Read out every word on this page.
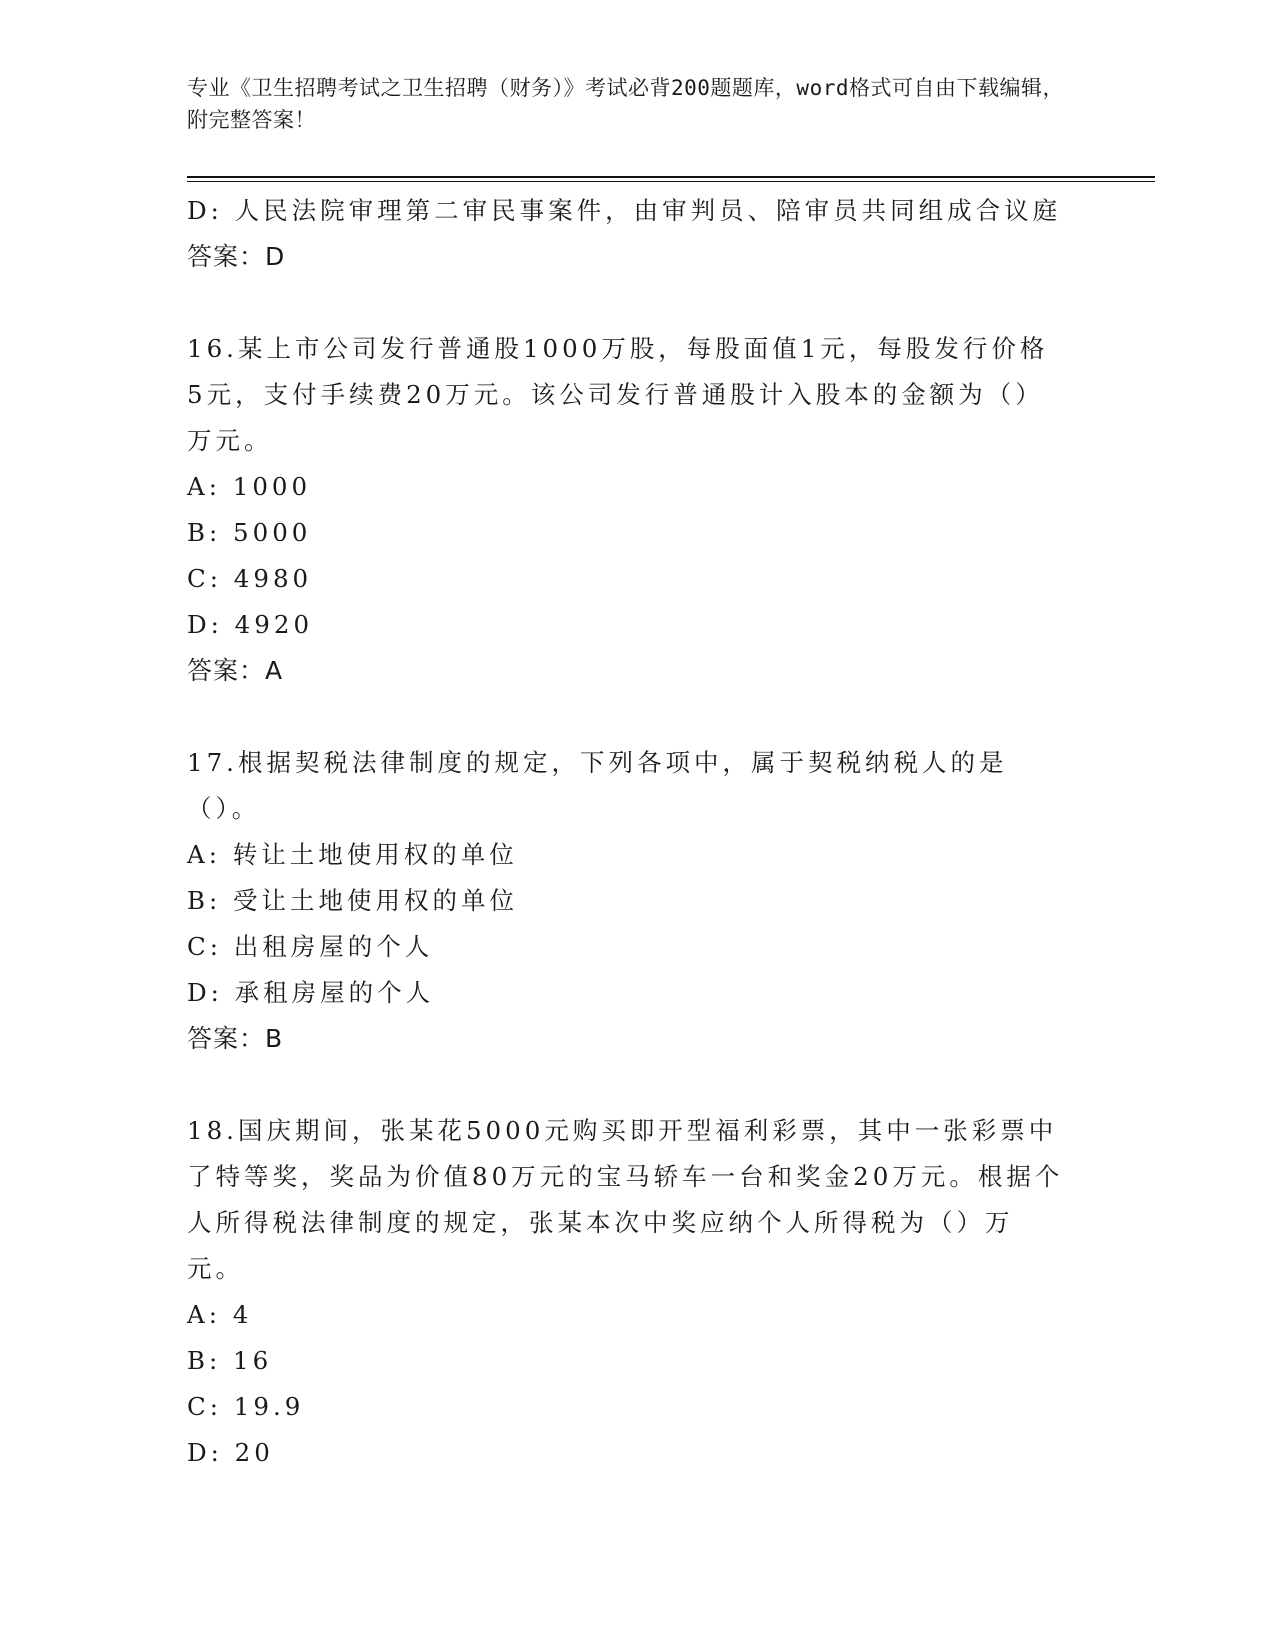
专业《卫生招聘考试之卫生招聘（财务）》考试必背200题题库，word格式可自由下载编辑，附完整答案！

D: 人民法院审理第二审民事案件，由审判员、陪审员共同组成合议庭

答案：D

16.某上市公司发行普通股1000万股，每股面值1元，每股发行价格5元，支付手续费20万元。该公司发行普通股计入股本的金额为（）万元。

A: 1000

B: 5000

C: 4980

D: 4920

答案：A

17.根据契税法律制度的规定，下列各项中，属于契税纳税人的是（）。

A: 转让土地使用权的单位

B: 受让土地使用权的单位

C: 出租房屋的个人

D: 承租房屋的个人

答案：B

18.国庆期间，张某花5000元购买即开型福利彩票，其中一张彩票中了特等奖，奖品为价值80万元的宝马轿车一台和奖金20万元。根据个人所得税法律制度的规定，张某本次中奖应纳个人所得税为（）万元。

A: 4

B: 16

C: 19.9

D: 20
